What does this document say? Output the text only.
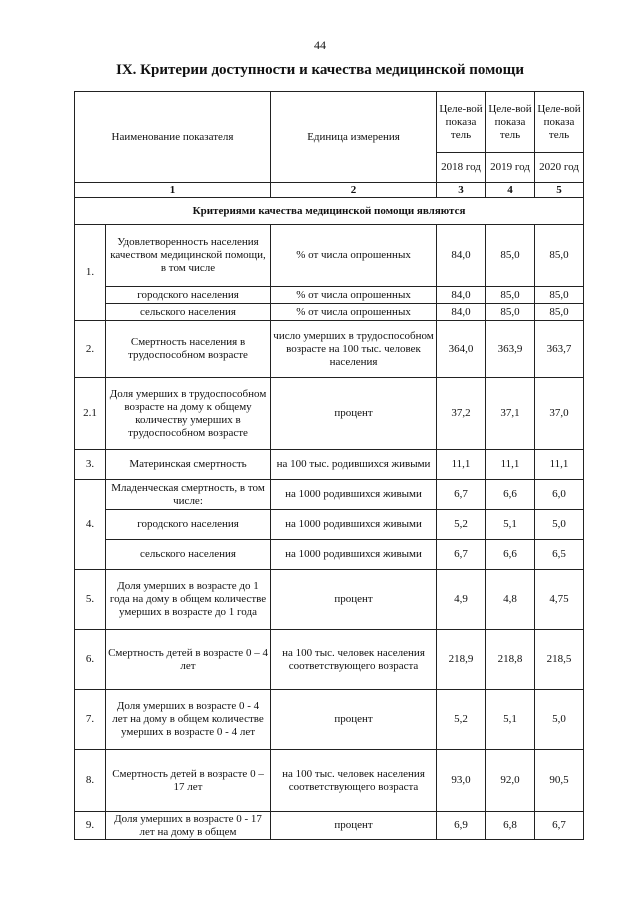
44
IX. Критерии доступности и качества медицинской помощи
Наименование показателя		Единица измерения	Целе-вой показа тель	Целе-вой показа тель	Целе-вой показа тель
			2018 год	2019 год	2020 год
1		2	3	4	5
Критериями качества медицинской помощи являются					
1.	Удовлетворенность населения качеством медицинской помощи, в том числе	% от числа опрошенных	84,0	85,0	85,0
	городского населения	% от числа опрошенных	84,0	85,0	85,0
	сельского населения	% от числа опрошенных	84,0	85,0	85,0
2.	Смертность населения в трудоспособном возрасте	число умерших в трудоспособном возрасте на 100 тыс. человек населения	364,0	363,9	363,7
2.1	Доля умерших в трудоспособном возрасте на дому к общему количеству умерших в трудоспособном возрасте	процент	37,2	37,1	37,0
3.	Материнская смертность	на 100 тыс. родившихся живыми	11,1	11,1	11,1
4.	Младенческая смертность, в том числе:	на 1000 родившихся живыми	6,7	6,6	6,0
	городского населения	на 1000 родившихся живыми	5,2	5,1	5,0
	сельского населения	на 1000 родившихся живыми	6,7	6,6	6,5
5.	Доля умерших в возрасте до 1 года на дому в общем количестве умерших в возрасте до 1 года	процент	4,9	4,8	4,75
6.	Смертность детей в возрасте 0 – 4 лет	на 100 тыс. человек населения соответствующего возраста	218,9	218,8	218,5
7.	Доля умерших в возрасте 0 - 4 лет на дому в общем количестве умерших в возрасте 0 - 4 лет	процент	5,2	5,1	5,0
8.	Смертность детей в возрасте 0 – 17 лет	на 100 тыс. человек населения соответствующего возраста	93,0	92,0	90,5
9.	Доля умерших в возрасте 0 - 17 лет на дому в общем	процент	6,9	6,8	6,7
